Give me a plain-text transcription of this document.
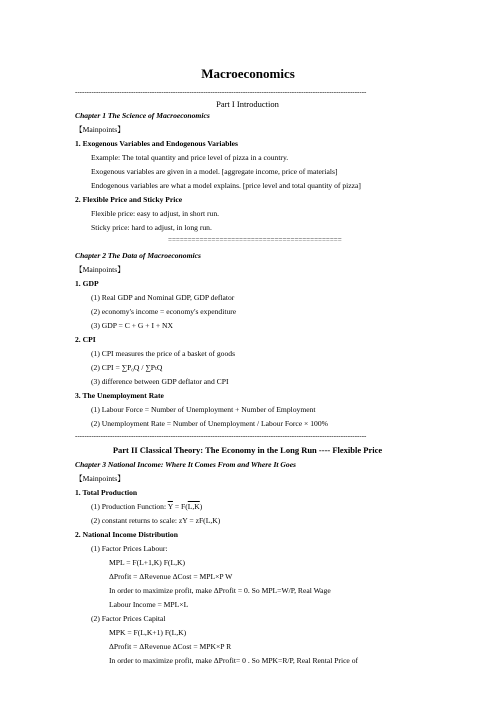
Macroeconomics
-----------------------------------------------------------------------------------------------------------------------------
Part I Introduction
Chapter 1 The Science of Macroeconomics
【Mainpoints】
1. Exogenous Variables and Endogenous Variables
Example: The total quantity and price level of pizza in a country.
Exogenous variables are given in a model. [aggregate income, price of materials]
Endogenous variables are what a model explains. [price level and total quantity of pizza]
2. Flexible Price and Sticky Price
Flexible price: easy to adjust, in short run.
Sticky price: hard to adjust, in long run.
============================================
Chapter 2 The Data of Macroeconomics
【Mainpoints】
1. GDP
(1) Real GDP and Nominal GDP, GDP deflator
(2) economy's income = economy's expenditure
(3) GDP = C + G + I + NX
2. CPI
(1) CPI measures the price of a basket of goods
(2) CPI = ∑P₀Q / ∑PₜQ
(3) difference between GDP deflator and CPI
3. The Unemployment Rate
(1) Labour Force = Number of Unemployment + Number of Employment
(2) Unemployment Rate = Number of Unemployment / Labour Force × 100%
-----------------------------------------------------------------------------------------------------------------------------
Part II Classical Theory: The Economy in the Long Run ---- Flexible Price
Chapter 3 National Income: Where It Comes From and Where It Goes
【Mainpoints】
1. Total Production
(1) Production Function: $\overline{Y} = F(L,K)$
(2) constant returns to scale: zY = zF(L,K)
2. National Income Distribution
(1) Factor Prices Labour:
MPL = F(L+1,K) F(L,K)
ΔProfit = ΔRevenue ΔCost = MPL×P W
In order to maximize profit, make ΔProfit = 0. So MPL=W/P, Real Wage
Labour Income = MPL×L
(2) Factor Prices Capital
MPK = F(L,K+1) F(L,K)
ΔProfit = ΔRevenue ΔCost = MPK×P R
In order to maximize profit, make ΔProfit= 0 . So MPK=R/P, Real Rental Price of
